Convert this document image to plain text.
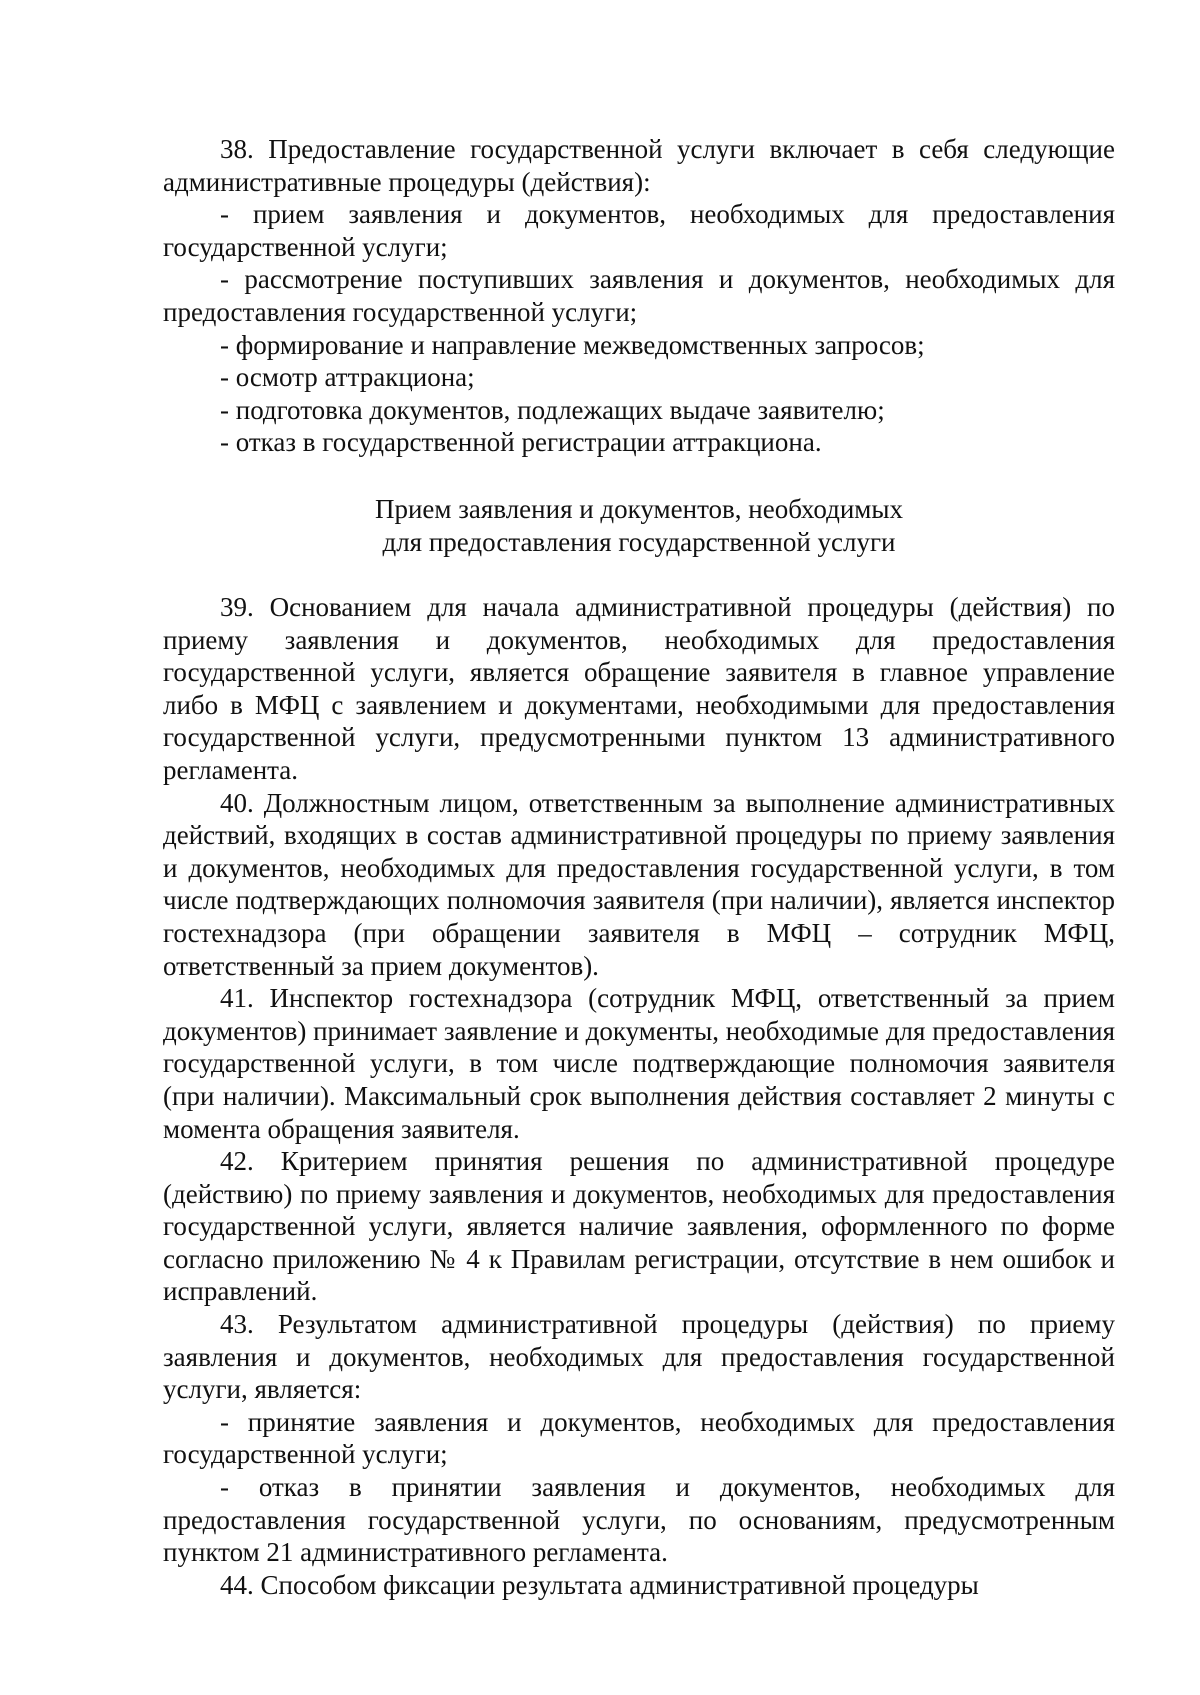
38. Предоставление государственной услуги включает в себя следующие административные процедуры (действия):

- прием заявления и документов, необходимых для предоставления государственной услуги;

- рассмотрение поступивших заявления и документов, необходимых для предоставления государственной услуги;

- формирование и направление межведомственных запросов;

- осмотр аттракциона;

- подготовка документов, подлежащих выдаче заявителю;

- отказ в государственной регистрации аттракциона.

Прием заявления и документов, необходимых

для предоставления государственной услуги

39. Основанием для начала административной процедуры (действия) по приему заявления и документов, необходимых для предоставления государственной услуги, является обращение заявителя в главное управление либо в МФЦ с заявлением и документами, необходимыми для предоставления государственной услуги, предусмотренными пунктом 13 административного регламента.

40. Должностным лицом, ответственным за выполнение административных действий, входящих в состав административной процедуры по приему заявления и документов, необходимых для предоставления государственной услуги, в том числе подтверждающих полномочия заявителя (при наличии), является инспектор гостехнадзора (при обращении заявителя в МФЦ – сотрудник МФЦ, ответственный за прием документов).

41. Инспектор гостехнадзора (сотрудник МФЦ, ответственный за прием документов) принимает заявление и документы, необходимые для предоставления государственной услуги, в том числе подтверждающие полномочия заявителя (при наличии). Максимальный срок выполнения действия составляет 2 минуты с момента обращения заявителя.

42. Критерием принятия решения по административной процедуре (действию) по приему заявления и документов, необходимых для предоставления государственной услуги, является наличие заявления, оформленного по форме согласно приложению № 4 к Правилам регистрации, отсутствие в нем ошибок и исправлений.

43. Результатом административной процедуры (действия) по приему заявления и документов, необходимых для предоставления государственной услуги, является:

- принятие заявления и документов, необходимых для предоставления государственной услуги;

- отказ в принятии заявления и документов, необходимых для предоставления государственной услуги, по основаниям, предусмотренным пунктом 21 административного регламента.

44. Способом фиксации результата административной процедуры
